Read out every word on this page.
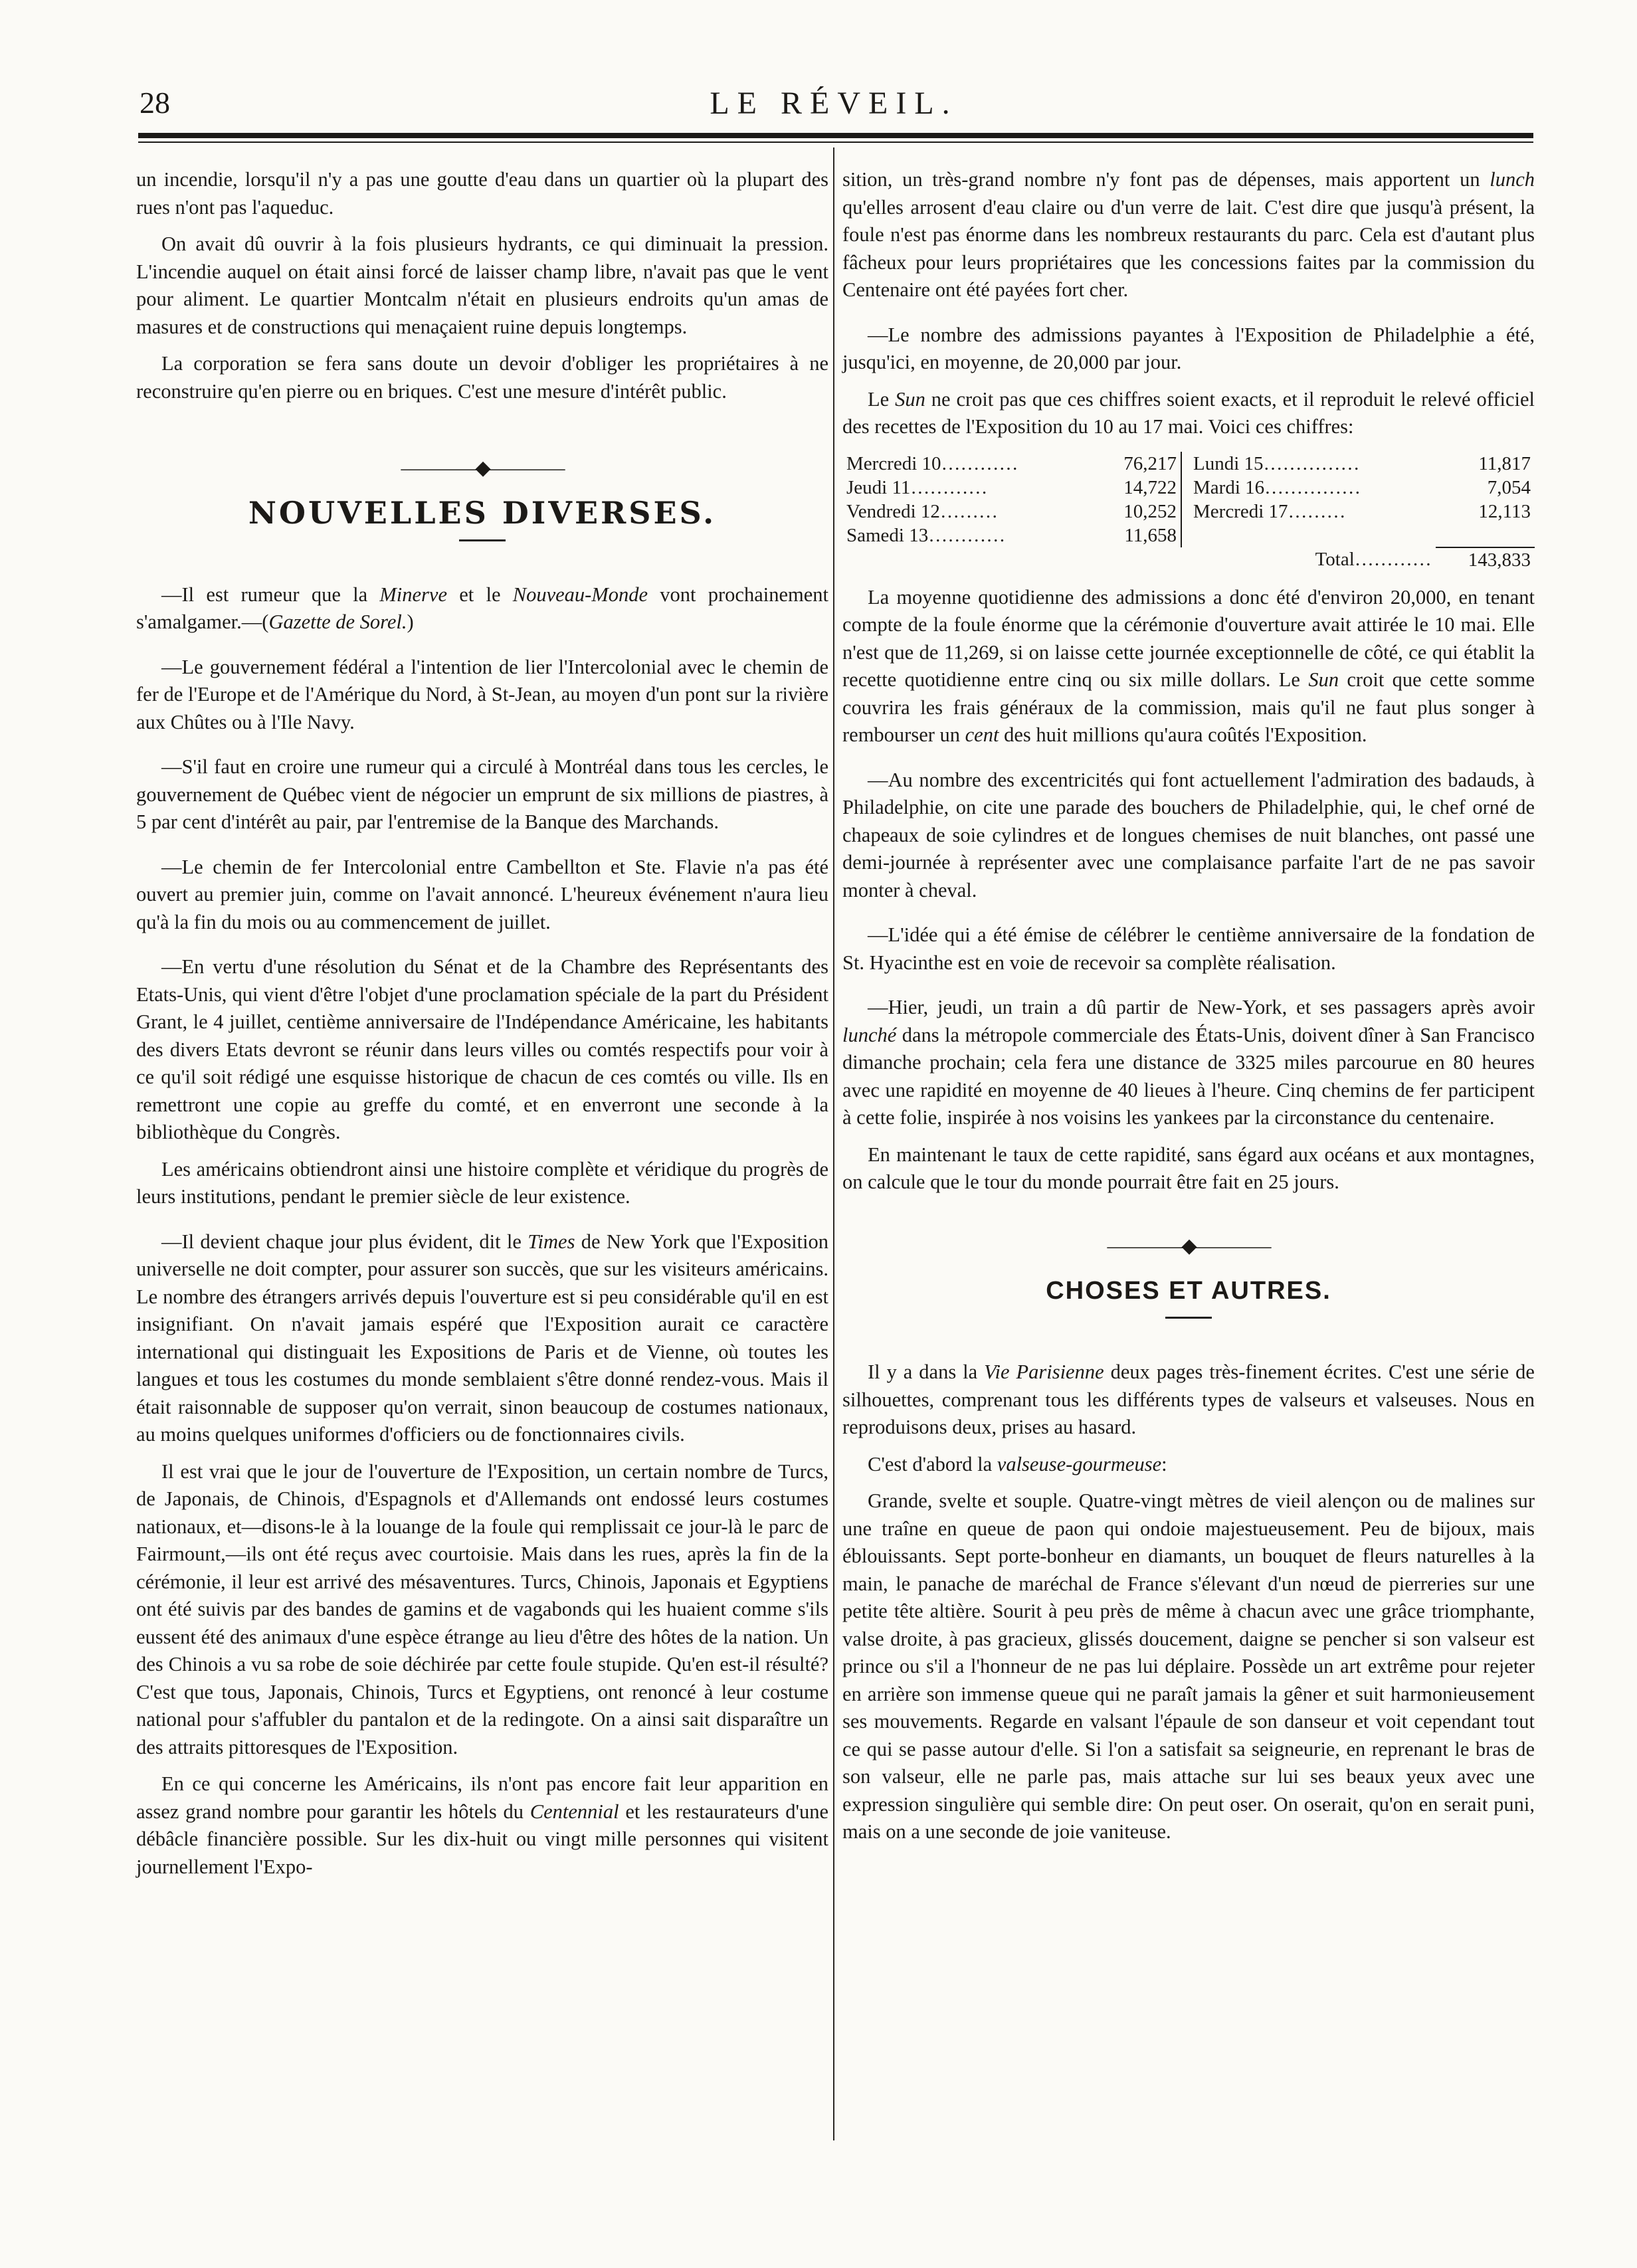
28	LE RÉVEIL.

un incendie, lorsqu'il n'y a pas une goutte d'eau dans un quartier où la plupart des rues n'ont pas l'aqueduc.

On avait dû ouvrir à la fois plusieurs hydrants, ce qui diminuait la pression. L'incendie auquel on était ainsi forcé de laisser champ libre, n'avait pas que le vent pour aliment. Le quartier Montcalm n'était en plusieurs endroits qu'un amas de masures et de constructions qui menaçaient ruine depuis longtemps.

La corporation se fera sans doute un devoir d'obliger les propriétaires à ne reconstruire qu'en pierre ou en briques. C'est une mesure d'intérêt public.

————◆————
NOUVELLES DIVERSES.

—Il est rumeur que la Minerve et le Nouveau-Monde vont prochainement s'amalgamer.—(Gazette de Sorel.)

—Le gouvernement fédéral a l'intention de lier l'Intercolonial avec le chemin de fer de l'Europe et de l'Amérique du Nord, à St-Jean, au moyen d'un pont sur la rivière aux Chûtes ou à l'Ile Navy.

—S'il faut en croire une rumeur qui a circulé à Montréal dans tous les cercles, le gouvernement de Québec vient de négocier un emprunt de six millions de piastres, à 5 par cent d'intérêt au pair, par l'entremise de la Banque des Marchands.

—Le chemin de fer Intercolonial entre Cambellton et Ste. Flavie n'a pas été ouvert au premier juin, comme on l'avait annoncé. L'heureux événement n'aura lieu qu'à la fin du mois ou au commencement de juillet.

—En vertu d'une résolution du Sénat et de la Chambre des Représentants des Etats-Unis, qui vient d'être l'objet d'une proclamation spéciale de la part du Président Grant, le 4 juillet, centième anniversaire de l'Indépendance Américaine, les habitants des divers Etats devront se réunir dans leurs villes ou comtés respectifs pour voir à ce qu'il soit rédigé une esquisse historique de chacun de ces comtés ou ville. Ils en remettront une copie au greffe du comté, et en enverront une seconde à la bibliothèque du Congrès.

Les américains obtiendront ainsi une histoire complète et véridique du progrès de leurs institutions, pendant le premier siècle de leur existence.

—Il devient chaque jour plus évident, dit le Times de New York que l'Exposition universelle ne doit compter, pour assurer son succès, que sur les visiteurs américains. Le nombre des étrangers arrivés depuis l'ouverture est si peu considérable qu'il en est insignifiant. On n'avait jamais espéré que l'Exposition aurait ce caractère international qui distinguait les Expositions de Paris et de Vienne, où toutes les langues et tous les costumes du monde semblaient s'être donné rendez-vous. Mais il était raisonnable de supposer qu'on verrait, sinon beaucoup de costumes nationaux, au moins quelques uniformes d'officiers ou de fonctionnaires civils.

Il est vrai que le jour de l'ouverture de l'Exposition, un certain nombre de Turcs, de Japonais, de Chinois, d'Espagnols et d'Allemands ont endossé leurs costumes nationaux, et—disons-le à la louange de la foule qui remplissait ce jour-là le parc de Fairmount,—ils ont été reçus avec courtoisie. Mais dans les rues, après la fin de la cérémonie, il leur est arrivé des mésaventures. Turcs, Chinois, Japonais et Egyptiens ont été suivis par des bandes de gamins et de vagabonds qui les huaient comme s'ils eussent été des animaux d'une espèce étrange au lieu d'être des hôtes de la nation. Un des Chinois a vu sa robe de soie déchirée par cette foule stupide. Qu'en est-il résulté? C'est que tous, Japonais, Chinois, Turcs et Egyptiens, ont renoncé à leur costume national pour s'affubler du pantalon et de la redingote. On a ainsi sait disparaître un des attraits pittoresques de l'Exposition.

En ce qui concerne les Américains, ils n'ont pas encore fait leur apparition en assez grand nombre pour garantir les hôtels du Centennial et les restaurateurs d'une débâcle financière possible. Sur les dix-huit ou vingt mille personnes qui visitent journellement l'Expo-

sition, un très-grand nombre n'y font pas de dépenses, mais apportent un lunch qu'elles arrosent d'eau claire ou d'un verre de lait. C'est dire que jusqu'à présent, la foule n'est pas énorme dans les nombreux restaurants du parc. Cela est d'autant plus fâcheux pour leurs propriétaires que les concessions faites par la commission du Centenaire ont été payées fort cher.

—Le nombre des admissions payantes à l'Exposition de Philadelphie a été, jusqu'ici, en moyenne, de 20,000 par jour.

Le Sun ne croit pas que ces chiffres soient exacts, et il reproduit le relevé officiel des recettes de l'Exposition du 10 au 17 mai. Voici ces chiffres:

Mercredi 10…………	76,217		Lundi 15……………	11,817
Jeudi 11…………	14,722		Mardi 16……………	7,054
Vendredi 12………	10,252		Mercredi 17………	12,113
Samedi 13…………	11,658			
			Total…………	143,833

La moyenne quotidienne des admissions a donc été d'environ 20,000, en tenant compte de la foule énorme que la cérémonie d'ouverture avait attirée le 10 mai. Elle n'est que de 11,269, si on laisse cette journée exceptionnelle de côté, ce qui établit la recette quotidienne entre cinq ou six mille dollars. Le Sun croit que cette somme couvrira les frais généraux de la commission, mais qu'il ne faut plus songer à rembourser un cent des huit millions qu'aura coûtés l'Exposition.

—Au nombre des excentricités qui font actuellement l'admiration des badauds, à Philadelphie, on cite une parade des bouchers de Philadelphie, qui, le chef orné de chapeaux de soie cylindres et de longues chemises de nuit blanches, ont passé une demi-journée à représenter avec une complaisance parfaite l'art de ne pas savoir monter à cheval.

—L'idée qui a été émise de célébrer le centième anniversaire de la fondation de St. Hyacinthe est en voie de recevoir sa complète réalisation.

—Hier, jeudi, un train a dû partir de New-York, et ses passagers après avoir lunché dans la métropole commerciale des États-Unis, doivent dîner à San Francisco dimanche prochain; cela fera une distance de 3325 miles parcourue en 80 heures avec une rapidité en moyenne de 40 lieues à l'heure. Cinq chemins de fer participent à cette folie, inspirée à nos voisins les yankees par la circonstance du centenaire.

En maintenant le taux de cette rapidité, sans égard aux océans et aux montagnes, on calcule que le tour du monde pourrait être fait en 25 jours.

————◆————
CHOSES ET AUTRES.

Il y a dans la Vie Parisienne deux pages très-finement écrites. C'est une série de silhouettes, comprenant tous les différents types de valseurs et valseuses. Nous en reproduisons deux, prises au hasard.

C'est d'abord la valseuse-gourmeuse:

Grande, svelte et souple. Quatre-vingt mètres de vieil alençon ou de malines sur une traîne en queue de paon qui ondoie majestueusement. Peu de bijoux, mais éblouissants. Sept porte-bonheur en diamants, un bouquet de fleurs naturelles à la main, le panache de maréchal de France s'élevant d'un nœud de pierreries sur une petite tête altière. Sourit à peu près de même à chacun avec une grâce triomphante, valse droite, à pas gracieux, glissés doucement, daigne se pencher si son valseur est prince ou s'il a l'honneur de ne pas lui déplaire. Possède un art extrême pour rejeter en arrière son immense queue qui ne paraît jamais la gêner et suit harmonieusement ses mouvements. Regarde en valsant l'épaule de son danseur et voit cependant tout ce qui se passe autour d'elle. Si l'on a satisfait sa seigneurie, en reprenant le bras de son valseur, elle ne parle pas, mais attache sur lui ses beaux yeux avec une expression singulière qui semble dire: On peut oser. On oserait, qu'on en serait puni, mais on a une seconde de joie vaniteuse.
